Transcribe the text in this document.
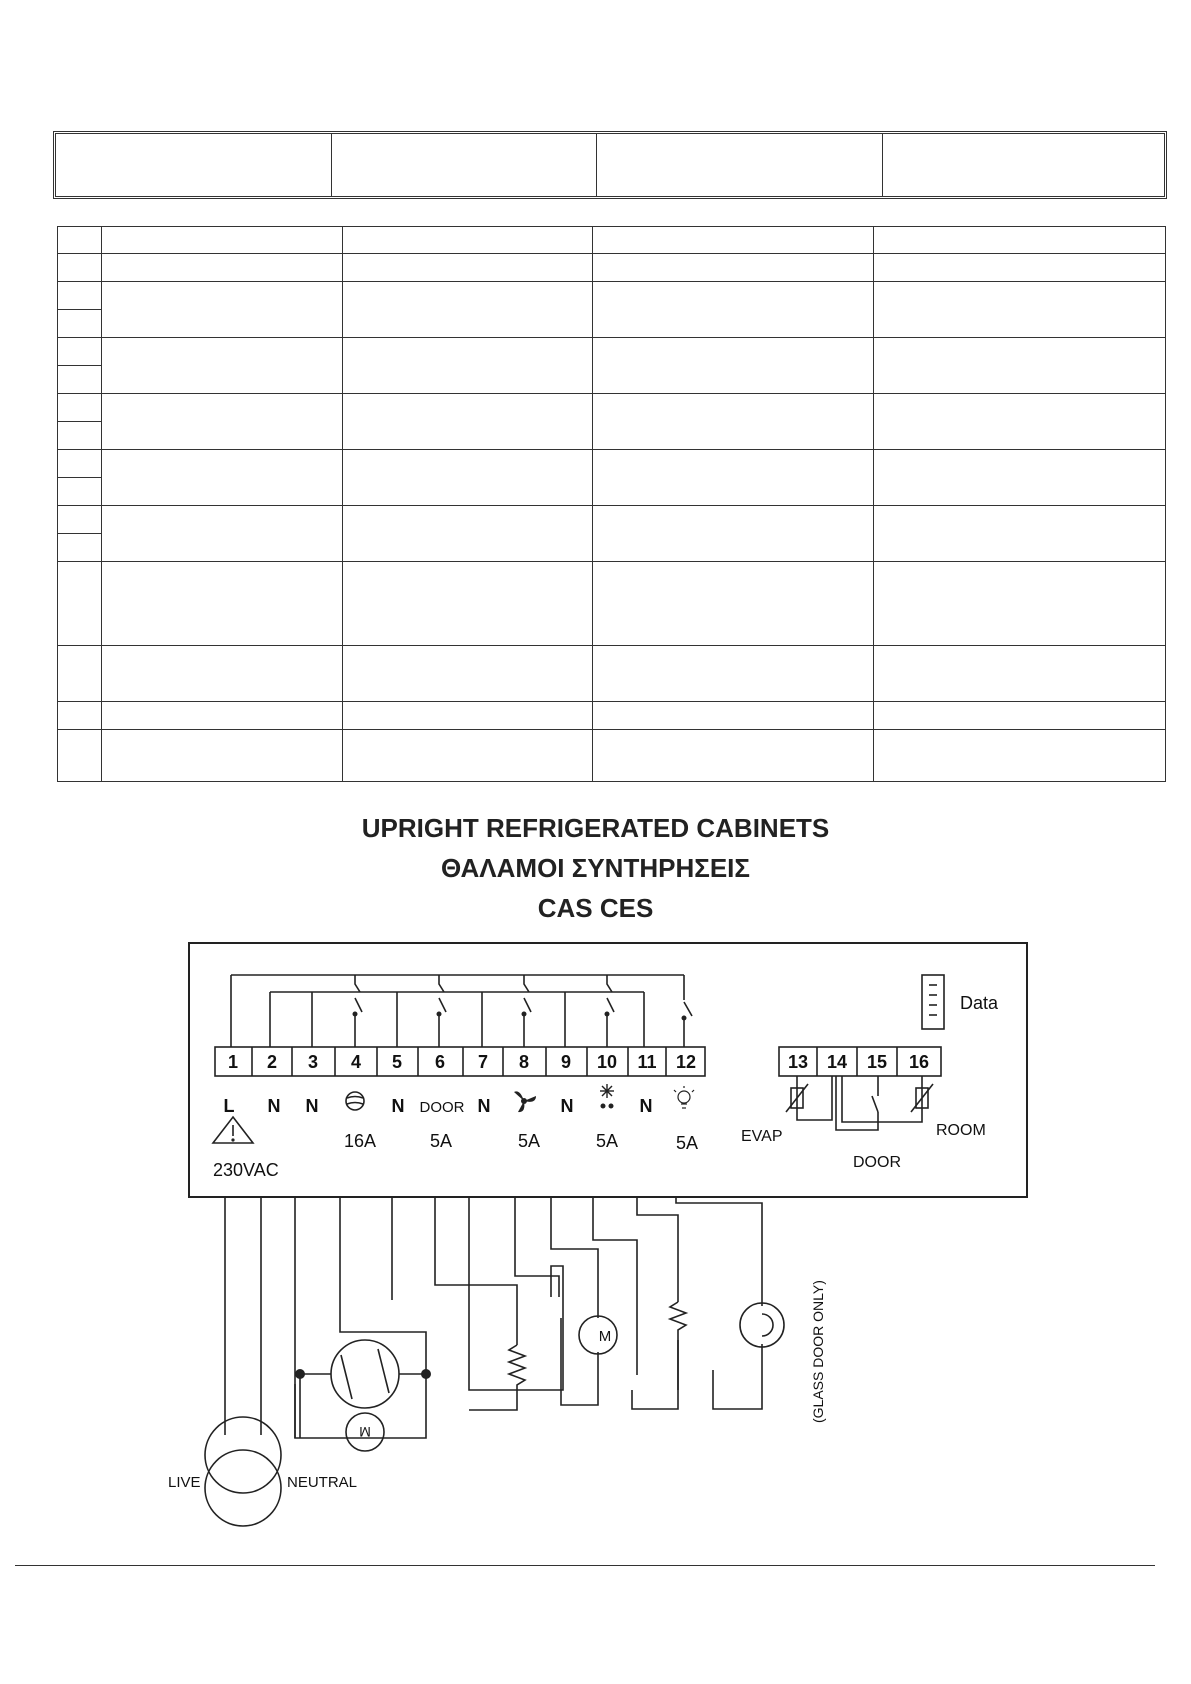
UPRIGHT REFRIGERATED CABINETS
ΘΑΛΑΜΟΙ ΣΥΝΤΗΡΗΣΕΙΣ
CAS CES
1 2 3 4 5 6 7 8 9 10 11 12	13 14 15 16
L N N	N	N	N	N
DOOR
16A	5A	5A	5A	5A
230VAC
Data
EVAP	ROOM
DOOR
M
M
LIVE	NEUTRAL
(GLASS DOOR ONLY)
